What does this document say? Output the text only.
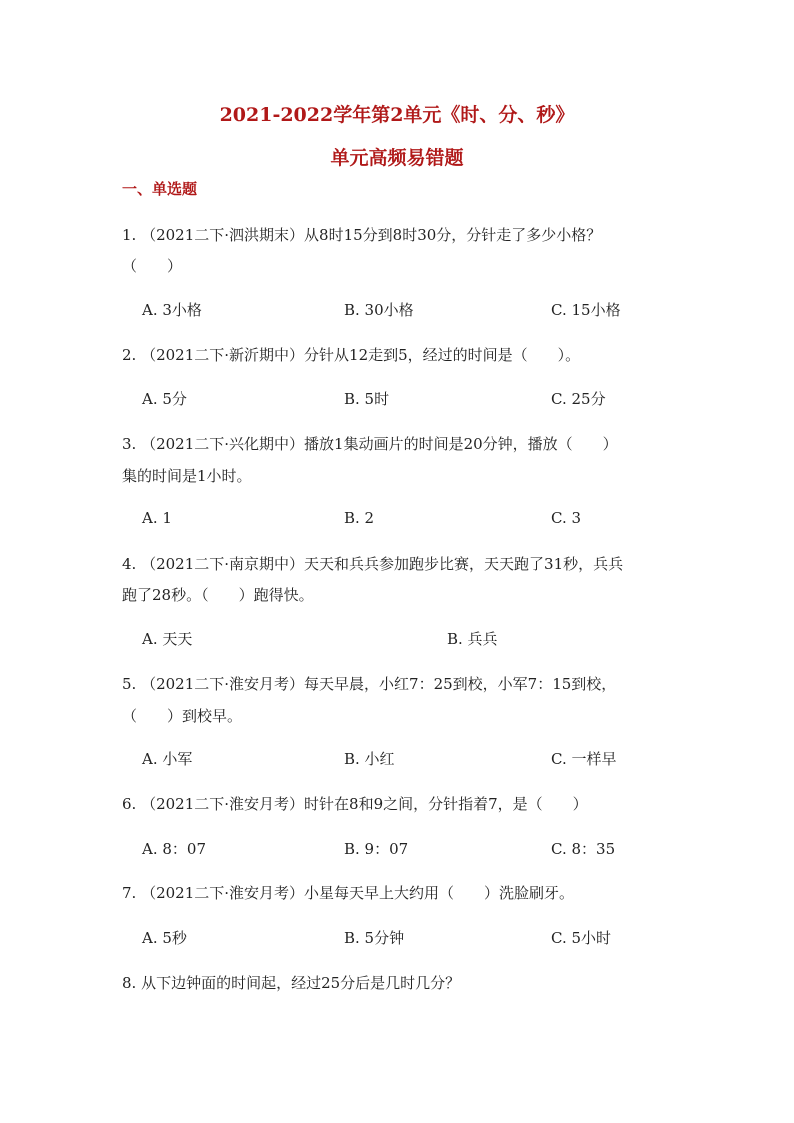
2021-2022学年第2单元《时、分、秒》
单元高频易错题
一、单选题
1. （2021二下·泗洪期末）从8时15分到8时30分，分针走了多少小格？
（　　）
A. 3小格	B. 30小格	C. 15小格
2. （2021二下·新沂期中）分针从12走到5，经过的时间是（　　）。
A. 5分	B. 5时	C. 25分
3. （2021二下·兴化期中）播放1集动画片的时间是20分钟，播放（　　）
集的时间是1小时。
A. 1	B. 2	C. 3
4. （2021二下·南京期中）天天和兵兵参加跑步比赛，天天跑了31秒，兵兵
跑了28秒。（　　）跑得快。
A. 天天	B. 兵兵
5. （2021二下·淮安月考）每天早晨，小红7：25到校，小军7：15到校，
（　　）到校早。
A. 小军	B. 小红	C. 一样早
6. （2021二下·淮安月考）时针在8和9之间，分针指着7，是（　　）
A. 8：07	B. 9：07	C. 8：35
7. （2021二下·淮安月考）小星每天早上大约用（　　）洗脸刷牙。
A. 5秒	B. 5分钟	C. 5小时
8. 从下边钟面的时间起，经过25分后是几时几分？
